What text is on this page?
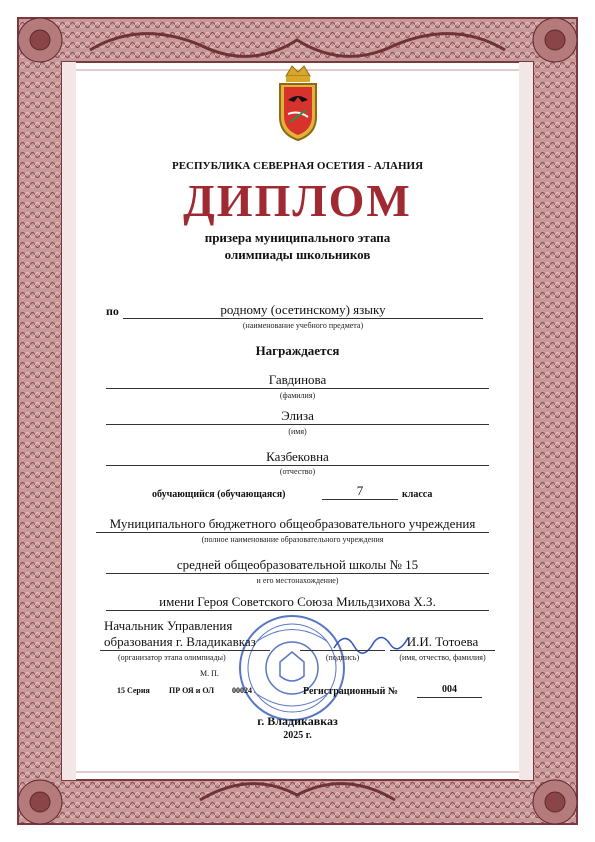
РЕСПУБЛИКА СЕВЕРНАЯ ОСЕТИЯ - АЛАНИЯ
ДИПЛОМ
призера муниципального этапа
олимпиады школьников
по	родному (осетинскому) языку
(наименование учебного предмета)
Награждается
Гавдинова
(фамилия)
Элиза
(имя)
Казбековна
(отчество)
обучающийся (обучающаяся)	7	класса
Муниципального бюджетного общеобразовательного учреждения
(полное наименование образовательного учреждения
средней общеобразовательной школы № 15
и его местонахождение)
имени Героя Советского Союза Мильдзихова Х.З.
Начальник Управления
образования г. Владикавказ
(организатор этапа олимпиады)	(подпись)
И.И. Тотоева
(имя, отчество, фамилия)
М. П.
15 Серия ПР ОЯ и ОЛ 00024	Регистрационный №	004
г. Владикавказ
2025 г.
